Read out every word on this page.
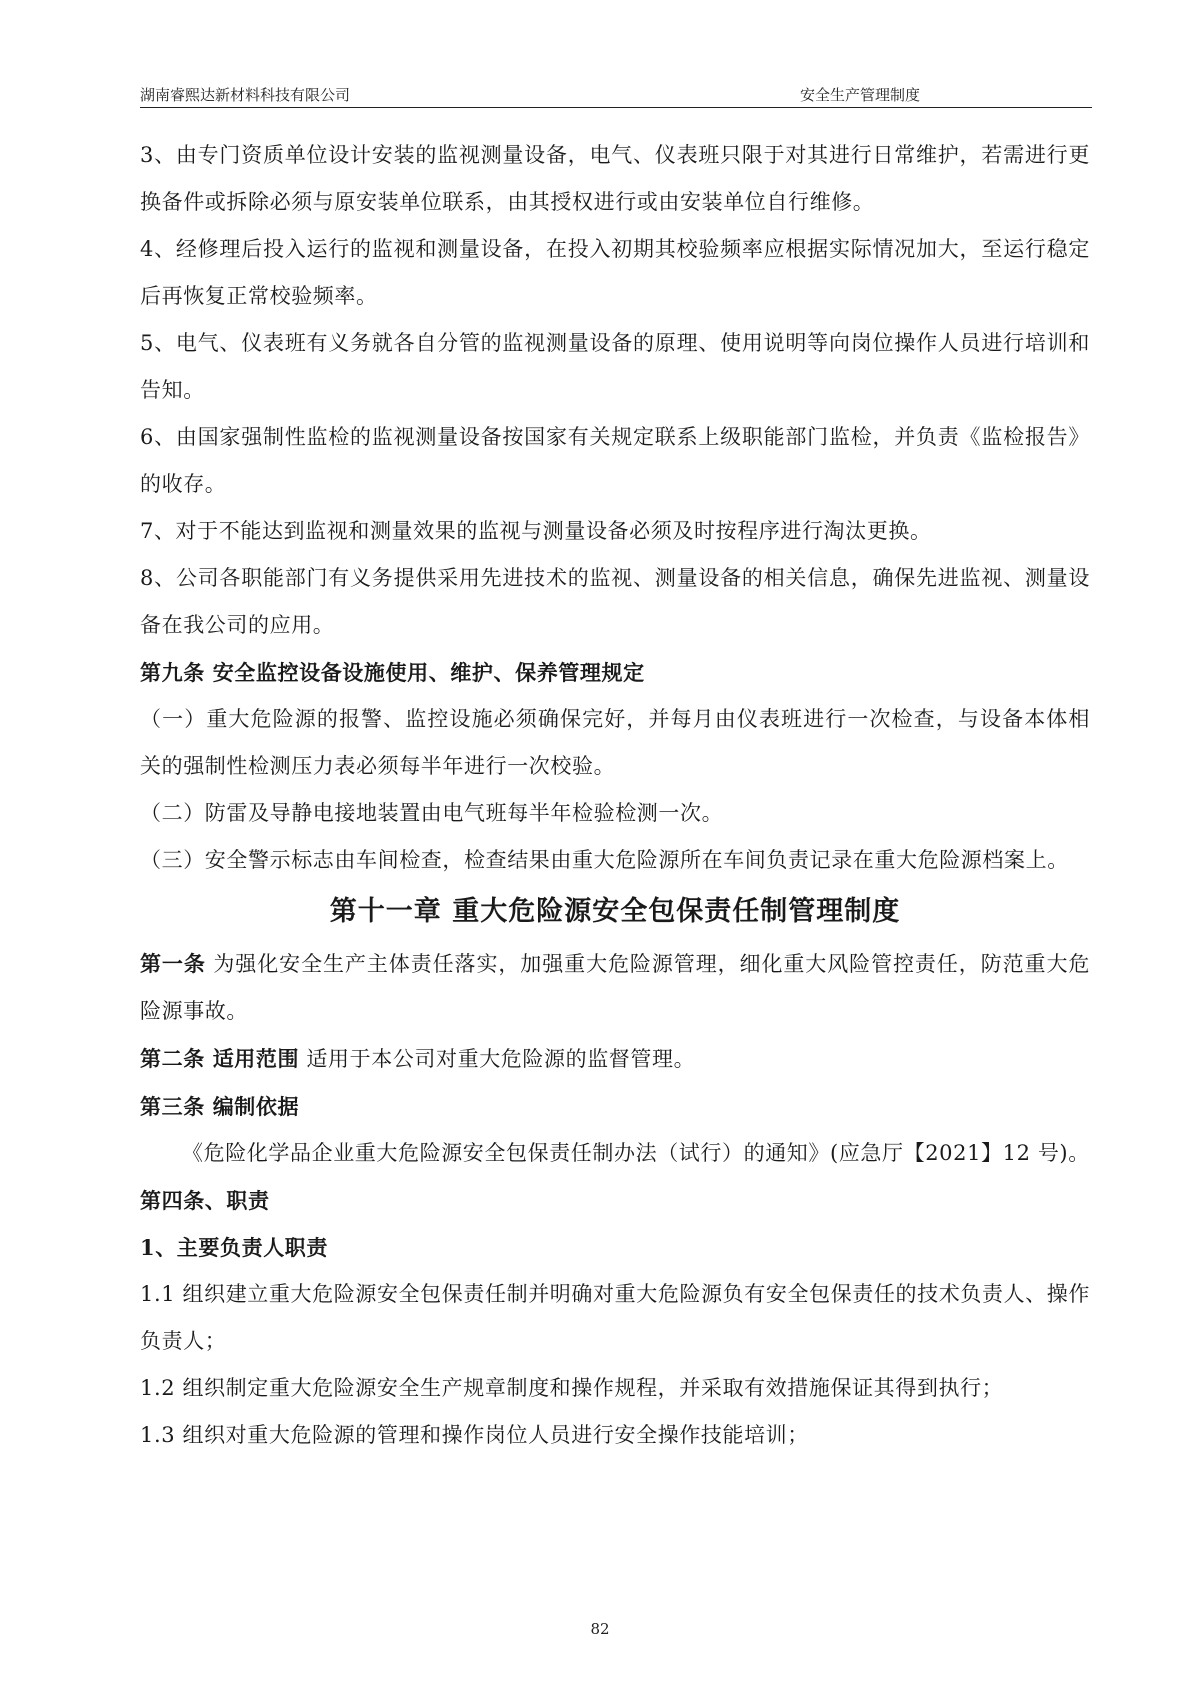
湖南睿熙达新材料科技有限公司	安全生产管理制度

3、由专门资质单位设计安装的监视测量设备，电气、仪表班只限于对其进行日常维护，若需进行更换备件或拆除必须与原安装单位联系，由其授权进行或由安装单位自行维修。

4、经修理后投入运行的监视和测量设备，在投入初期其校验频率应根据实际情况加大，至运行稳定后再恢复正常校验频率。

5、电气、仪表班有义务就各自分管的监视测量设备的原理、使用说明等向岗位操作人员进行培训和告知。

6、由国家强制性监检的监视测量设备按国家有关规定联系上级职能部门监检，并负责《监检报告》的收存。

7、对于不能达到监视和测量效果的监视与测量设备必须及时按程序进行淘汰更换。

8、公司各职能部门有义务提供采用先进技术的监视、测量设备的相关信息，确保先进监视、测量设备在我公司的应用。

第九条 安全监控设备设施使用、维护、保养管理规定

（一）重大危险源的报警、监控设施必须确保完好，并每月由仪表班进行一次检查，与设备本体相关的强制性检测压力表必须每半年进行一次校验。

（二）防雷及导静电接地装置由电气班每半年检验检测一次。

（三）安全警示标志由车间检查，检查结果由重大危险源所在车间负责记录在重大危险源档案上。

第十一章 重大危险源安全包保责任制管理制度

第一条 为强化安全生产主体责任落实，加强重大危险源管理，细化重大风险管控责任，防范重大危险源事故。

第二条 适用范围 适用于本公司对重大危险源的监督管理。

第三条 编制依据

《危险化学品企业重大危险源安全包保责任制办法（试行）的通知》(应急厅【2021】12 号)。

第四条、职责

1、主要负责人职责

1.1 组织建立重大危险源安全包保责任制并明确对重大危险源负有安全包保责任的技术负责人、操作负责人；

1.2 组织制定重大危险源安全生产规章制度和操作规程，并采取有效措施保证其得到执行；

1.3 组织对重大危险源的管理和操作岗位人员进行安全操作技能培训；

82
